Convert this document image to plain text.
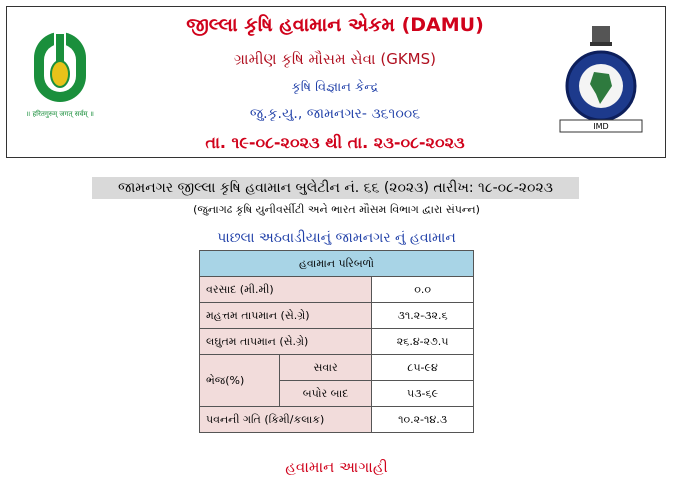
॥ हरितगुरुम् जगत् सर्वम् ॥
IMD
જીલ્લા કૃષિ હવામાન એકમ (DAMU)
ગ્રામીણ કૃષિ મૌસમ સેવા (GKMS)
કૃષિ વિજ્ઞાન કેન્દ્ર
જુ.કૃ.યુ., જામનગર- ૩૬૧૦૦૬
તા. ૧૯-૦૮-૨૦૨૩ થી તા. ૨૩-૦૮-૨૦૨૩
જામનગર જીલ્લા કૃષિ હવામાન બુલેટીન નં. ૬૬ (૨૦૨૩) તારીખ: ૧૮-૦૮-૨૦૨૩
(જુનાગઢ કૃષિ યુનીવર્સીટી અને ભારત મૌસમ વિભાગ દ્વારા સંપન્ન)
પાછલા અઠવાડીયાનું જામનગર નું હવામાન
હવામાન પરિબળો		
વરસાદ (મી.મી)		૦.૦
મહત્તમ તાપમાન (સે.ગ્રે)		૩૧.૨-૩૨.૬
લઘુતમ તાપમાન (સે.ગ્રે)		૨૬.૪-૨૭.૫
ભેજ(%)	સવાર	૮૫-૯૪
	બપોર બાદ	૫૩-૬૯
પવનની ગતિ (કિમી/કલાક)		૧૦.૨-૧૪.૩
હવામાન આગાહી
